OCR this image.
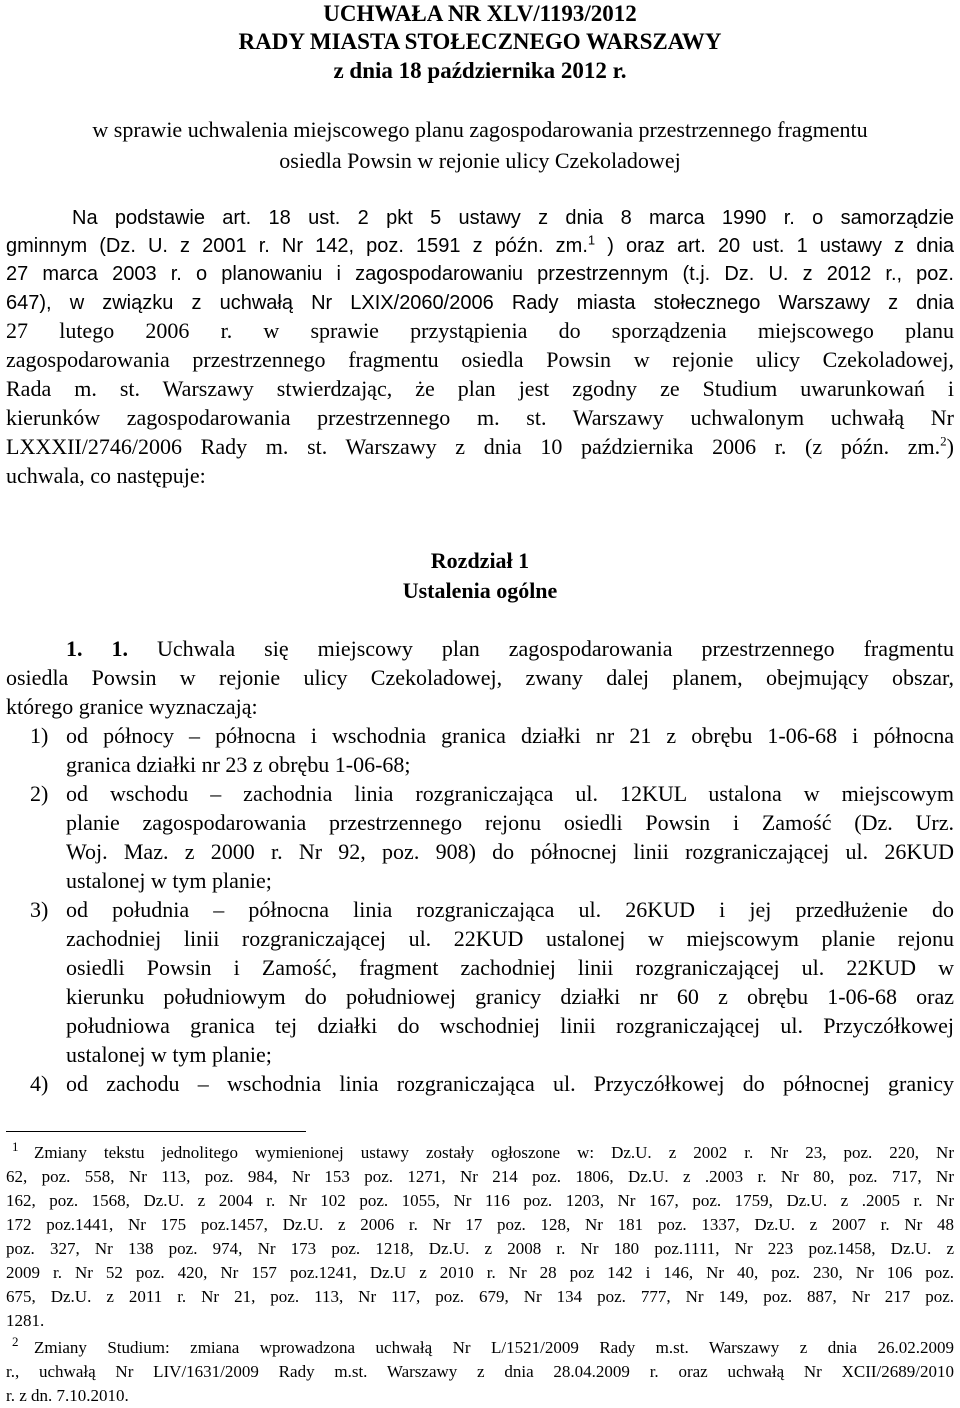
UCHWAŁA NR XLV/1193/2012
RADY MIASTA STOŁECZNEGO WARSZAWY
z dnia 18 października 2012 r.
w sprawie uchwalenia miejscowego planu zagospodarowania przestrzennego fragmentu
osiedla Powsin w rejonie ulicy Czekoladowej
Na podstawie art. 18 ust. 2 pkt 5 ustawy z dnia 8 marca 1990 r. o samorządzie
gminnym (Dz. U. z 2001 r. Nr 142, poz. 1591 z późn. zm.$^1$ ) oraz art. 20 ust. 1 ustawy z dnia
27 marca 2003 r. o planowaniu i zagospodarowaniu przestrzennym (t.j. Dz. U. z 2012 r., poz.
647), w związku z uchwałą Nr LXIX/2060/2006 Rady miasta stołecznego Warszawy z dnia
27 lutego 2006 r. w sprawie przystąpienia do sporządzenia miejscowego planu
zagospodarowania przestrzennego fragmentu osiedla Powsin w rejonie ulicy Czekoladowej,
Rada m. st. Warszawy stwierdzając, że plan jest zgodny ze Studium uwarunkowań i
kierunków zagospodarowania przestrzennego m. st. Warszawy uchwalonym uchwałą Nr
LXXXII/2746/2006 Rady m. st. Warszawy z dnia 10 października 2006 r. (z późn. zm.$^2$)
uchwala, co następuje:
Rozdział 1
Ustalenia ogólne
1. 1. Uchwala się miejscowy plan zagospodarowania przestrzennego fragmentu
osiedla Powsin w rejonie ulicy Czekoladowej, zwany dalej planem, obejmujący obszar,
którego granice wyznaczają:
1) od północy – północna i wschodnia granica działki nr 21 z obrębu 1-06-68 i północna
granica działki nr 23 z obrębu 1-06-68;
2) od wschodu – zachodnia linia rozgraniczająca ul. 12KUL ustalona w miejscowym
planie zagospodarowania przestrzennego rejonu osiedli Powsin i Zamość (Dz. Urz.
Woj. Maz. z 2000 r. Nr 92, poz. 908) do północnej linii rozgraniczającej ul. 26KUD
ustalonej w tym planie;
3) od południa – północna linia rozgraniczająca ul. 26KUD i jej przedłużenie do
zachodniej linii rozgraniczającej ul. 22KUD ustalonej w miejscowym planie rejonu
osiedli Powsin i Zamość, fragment zachodniej linii rozgraniczającej ul. 22KUD w
kierunku południowym do południowej granicy działki nr 60 z obrębu 1-06-68 oraz
południowa granica tej działki do wschodniej linii rozgraniczającej ul. Przyczółkowej
ustalonej w tym planie;
4) od zachodu – wschodnia linia rozgraniczająca ul. Przyczółkowej do północnej granicy
1 Zmiany tekstu jednolitego wymienionej ustawy zostały ogłoszone w: Dz.U. z 2002 r. Nr 23, poz. 220, Nr
62, poz. 558, Nr 113, poz. 984, Nr 153 poz. 1271, Nr 214 poz. 1806, Dz.U. z .2003 r. Nr 80, poz. 717, Nr
162, poz. 1568, Dz.U. z 2004 r. Nr 102 poz. 1055, Nr 116 poz. 1203, Nr 167, poz. 1759, Dz.U. z .2005 r. Nr
172 poz.1441, Nr 175 poz.1457, Dz.U. z 2006 r. Nr 17 poz. 128, Nr 181 poz. 1337, Dz.U. z 2007 r. Nr 48
poz. 327, Nr 138 poz. 974, Nr 173 poz. 1218, Dz.U. z 2008 r. Nr 180 poz.1111, Nr 223 poz.1458, Dz.U. z
2009 r. Nr 52 poz. 420, Nr 157 poz.1241, Dz.U z 2010 r. Nr 28 poz 142 i 146, Nr 40, poz. 230, Nr 106 poz.
675, Dz.U. z 2011 r. Nr 21, poz. 113, Nr 117, poz. 679, Nr 134 poz. 777, Nr 149, poz. 887, Nr 217 poz.
1281.
2 Zmiany Studium: zmiana wprowadzona uchwałą Nr L/1521/2009 Rady m.st. Warszawy z dnia 26.02.2009
r., uchwałą Nr LIV/1631/2009 Rady m.st. Warszawy z dnia 28.04.2009 r. oraz uchwałą Nr XCII/2689/2010
r. z dn. 7.10.2010.
